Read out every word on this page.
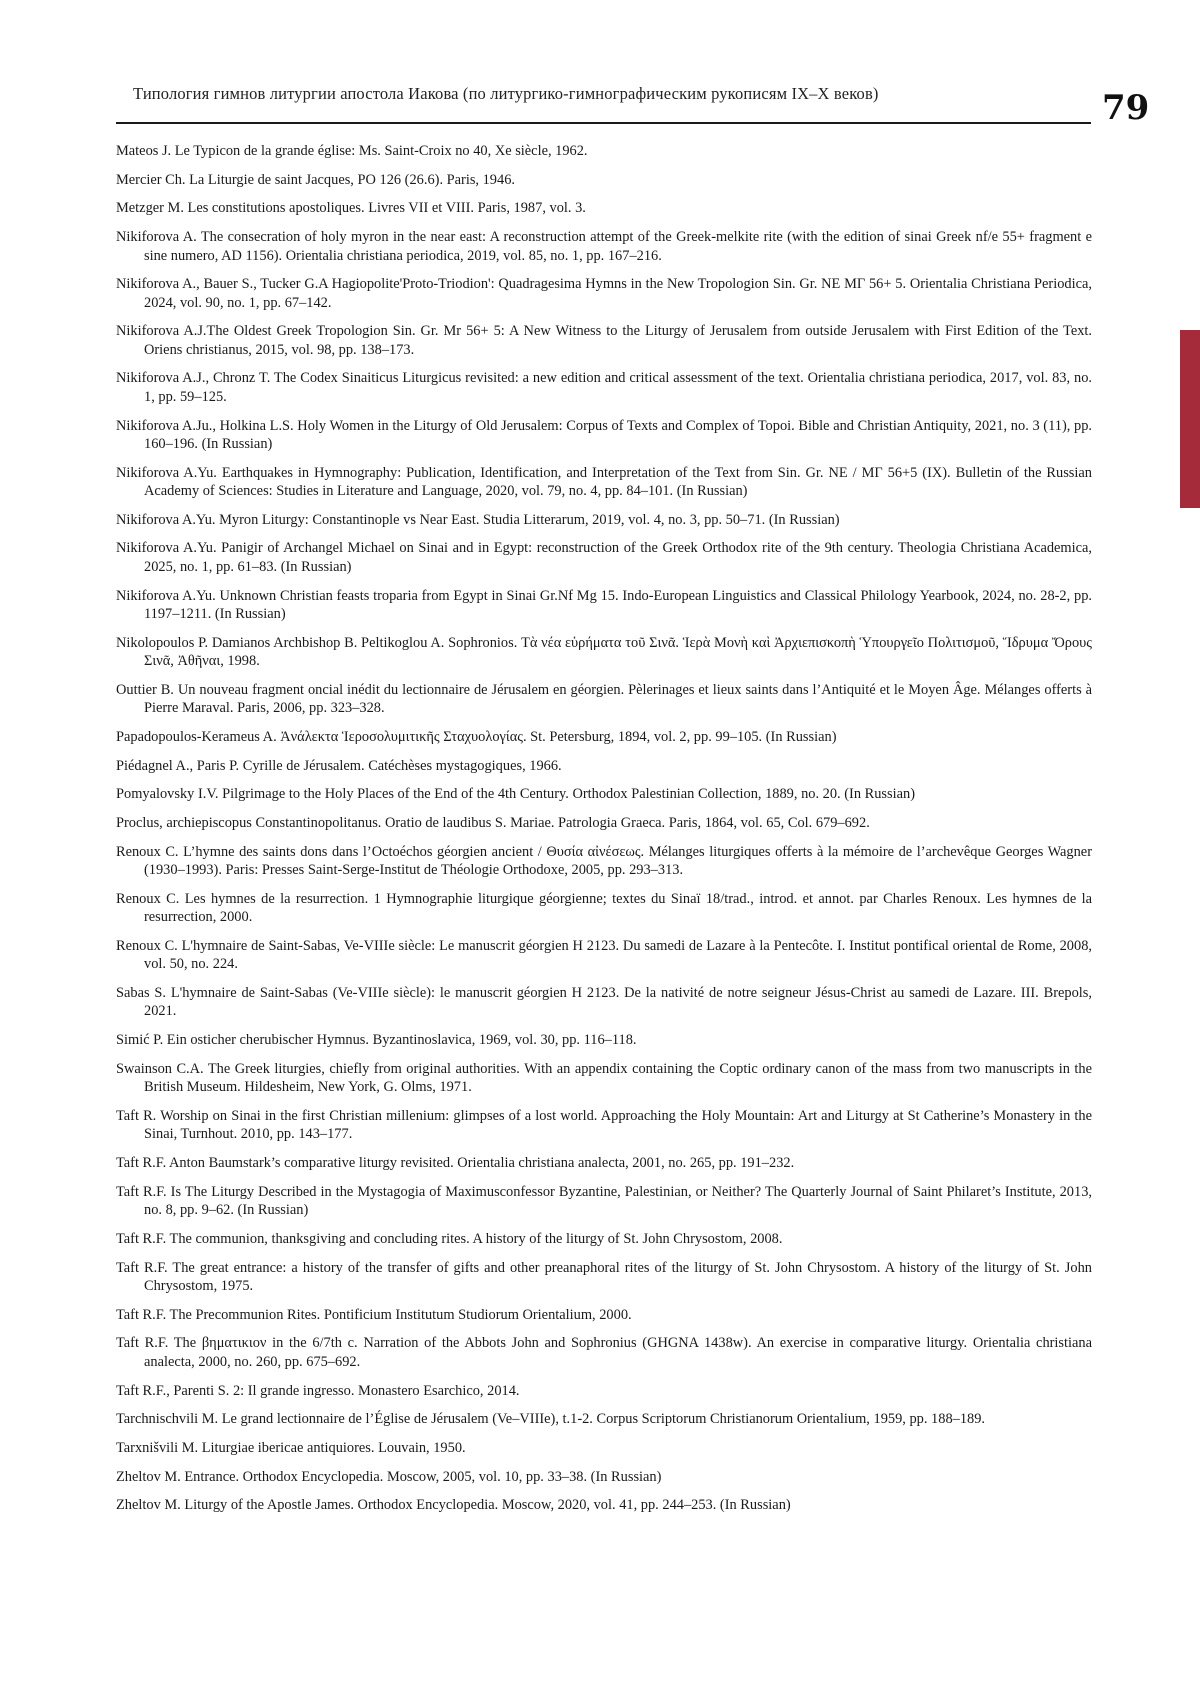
Типология гимнов литургии апостола Иакова (по литургико-гимнографическим рукописям IX–X веков)	79

Mateos J. Le Typicon de la grande église: Ms. Saint-Croix no 40, Xe siècle, 1962.

Mercier Ch. La Liturgie de saint Jacques, PO 126 (26.6). Paris, 1946.

Metzger M. Les constitutions apostoliques. Livres VII et VIII. Paris, 1987, vol. 3.

Nikiforova A. The consecration of holy myron in the near east: A reconstruction attempt of the Greek-melkite rite (with the edition of sinai Greek nf/e 55+ fragment e sine numero, AD 1156). Orientalia christiana periodica, 2019, vol. 85, no. 1, pp. 167–216.

Nikiforova A., Bauer S., Tucker G.A Hagiopolite'Proto-Triodion': Quadragesima Hymns in the New Tropologion Sin. Gr. NE MΓ 56+ 5. Orientalia Christiana Periodica, 2024, vol. 90, no. 1, pp. 67–142.

Nikiforova A.J.The Oldest Greek Tropologion Sin. Gr. Mr 56+ 5: A New Witness to the Liturgy of Jerusalem from outside Jerusalem with First Edition of the Text. Oriens christianus, 2015, vol. 98, pp. 138–173.

Nikiforova A.J., Chronz T. The Codex Sinaiticus Liturgicus revisited: a new edition and critical assessment of the text. Orientalia christiana periodica, 2017, vol. 83, no. 1, pp. 59–125.

Nikiforova A.Ju., Holkina L.S. Holy Women in the Liturgy of Old Jerusalem: Corpus of Texts and Complex of Topoi. Bible and Christian Antiquity, 2021, no. 3 (11), pp. 160–196. (In Russian)

Nikiforova A.Yu. Earthquakes in Hymnography: Publication, Identification, and Interpretation of the Text from Sin. Gr. NE / MΓ 56+5 (IX). Bulletin of the Russian Academy of Sciences: Studies in Literature and Language, 2020, vol. 79, no. 4, pp. 84–101. (In Russian)

Nikiforova A.Yu. Myron Liturgy: Constantinople vs Near East. Studia Litterarum, 2019, vol. 4, no. 3, pp. 50–71. (In Russian)

Nikiforova A.Yu. Panigir of Archangel Michael on Sinai and in Egypt: reconstruction of the Greek Orthodox rite of the 9th century. Theologia Christiana Academica, 2025, no. 1, pp. 61–83. (In Russian)

Nikiforova A.Yu. Unknown Christian feasts troparia from Egypt in Sinai Gr.Nf Mg 15. Indo-European Linguistics and Classical Philology Yearbook, 2024, no. 28-2, pp. 1197–1211. (In Russian)

Nikolopoulos P. Damianos Archbishop B. Peltikoglou A. Sophronios. Τὰ νέα εὑρήματα τοῦ Σινᾶ. Ἱερὰ Μονὴ καὶ Ἀρχιεπισκοπὴ Ὑπουργεῖο Πολιτισμοῦ, Ἵδρυμα Ὄρους Σινᾶ, Ἀθῆναι, 1998.

Outtier B. Un nouveau fragment oncial inédit du lectionnaire de Jérusalem en géorgien. Pèlerinages et lieux saints dans l’Antiquité et le Moyen Âge. Mélanges offerts à Pierre Maraval. Paris, 2006, pp. 323–328.

Papadopoulos-Kerameus A. Ἀνάλεκτα Ἱεροσολυμιτικῆς Σταχυολογίας. St. Petersburg, 1894, vol. 2, pp. 99–105. (In Russian)

Piédagnel A., Paris P. Cyrille de Jérusalem. Catéchèses mystagogiques, 1966.

Pomyalovsky I.V. Pilgrimage to the Holy Places of the End of the 4th Century. Orthodox Palestinian Collection, 1889, no. 20. (In Russian)

Proclus, archiepiscopus Constantinopolitanus. Oratio de laudibus S. Mariae. Patrologia Graeca. Paris, 1864, vol. 65, Col. 679–692.

Renoux C. L’hymne des saints dons dans l’Octoéchos géorgien ancient / Θυσία αἰνέσεως. Mélanges liturgiques offerts à la mémoire de l’archevêque Georges Wagner (1930–1993). Paris: Presses Saint-Serge-Institut de Théologie Orthodoxe, 2005, pp. 293–313.

Renoux C. Les hymnes de la resurrection. 1 Hymnographie liturgique géorgienne; textes du Sinaï 18/trad., introd. et annot. par Charles Renoux. Les hymnes de la resurrection, 2000.

Renoux C. L'hymnaire de Saint-Sabas, Ve-VIIIe siècle: Le manuscrit géorgien H 2123. Du samedi de Lazare à la Pentecôte. I. Institut pontifical oriental de Rome, 2008, vol. 50, no. 224.

Sabas S. L'hymnaire de Saint-Sabas (Ve-VIIIe siècle): le manuscrit géorgien H 2123. De la nativité de notre seigneur Jésus-Christ au samedi de Lazare. III. Brepols, 2021.

Simić P. Ein osticher cherubischer Hymnus. Byzantinoslavica, 1969, vol. 30, pp. 116–118.

Swainson C.A. The Greek liturgies, chiefly from original authorities. With an appendix containing the Coptic ordinary canon of the mass from two manuscripts in the British Museum. Hildesheim, New York, G. Olms, 1971.

Taft R. Worship on Sinai in the first Christian millenium: glimpses of a lost world. Approaching the Holy Mountain: Art and Liturgy at St Catherine’s Monastery in the Sinai, Turnhout. 2010, pp. 143–177.

Taft R.F. Anton Baumstark’s comparative liturgy revisited. Orientalia christiana analecta, 2001, no. 265, pp. 191–232.

Taft R.F. Is The Liturgy Described in the Mystagogia of Maximusconfessor Byzantine, Palestinian, or Neither? The Quarterly Journal of Saint Philaret’s Institute, 2013, no. 8, pp. 9–62. (In Russian)

Taft R.F. The communion, thanksgiving and concluding rites. A history of the liturgy of St. John Chrysostom, 2008.

Taft R.F. The great entrance: a history of the transfer of gifts and other preanaphoral rites of the liturgy of St. John Chrysostom. A history of the liturgy of St. John Chrysostom, 1975.

Taft R.F. The Precommunion Rites. Pontificium Institutum Studiorum Orientalium, 2000.

Taft R.F. The βηματικιον in the 6/7th c. Narration of the Abbots John and Sophronius (GHGNA 1438w). An exercise in comparative liturgy. Orientalia christiana analecta, 2000, no. 260, pp. 675–692.

Taft R.F., Parenti S. 2: Il grande ingresso. Monastero Esarchico, 2014.

Tarchnischvili M. Le grand lectionnaire de l’Église de Jérusalem (Ve–VIIIe), t.1-2. Corpus Scriptorum Christianorum Orientalium, 1959, pp. 188–189.

Tarxnišvili M. Liturgiae ibericae antiquiores. Louvain, 1950.

Zheltov M. Entrance. Orthodox Encyclopedia. Moscow, 2005, vol. 10, pp. 33–38. (In Russian)

Zheltov M. Liturgy of the Apostle James. Orthodox Encyclopedia. Moscow, 2020, vol. 41, pp. 244–253. (In Russian)
